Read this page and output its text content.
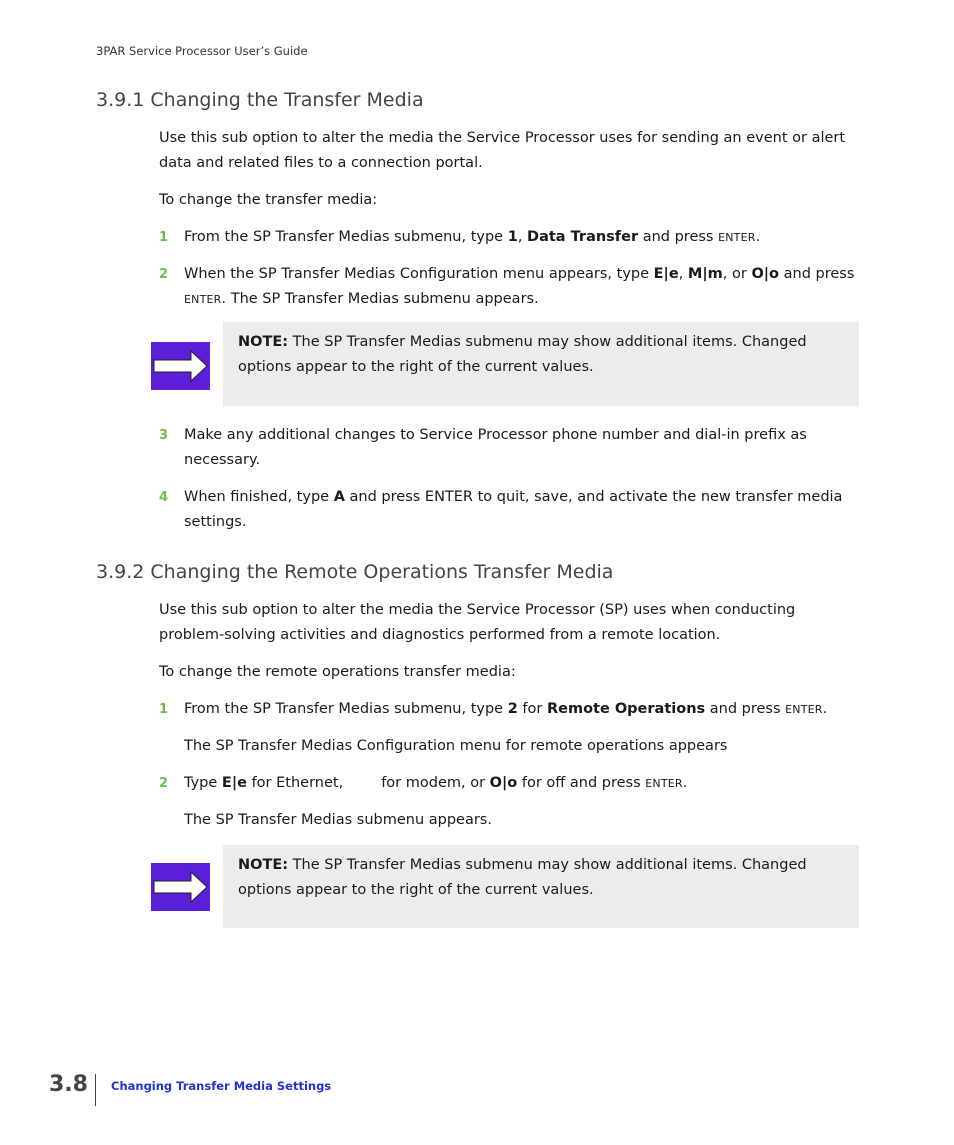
3PAR Service Processor User’s Guide
3.9.1 Changing the Transfer Media

Use this sub option to alter the media the Service Processor uses for sending an event or alert data and related files to a connection portal.

To change the transfer media:

1 From the SP Transfer Medias submenu, type 1, Data Transfer and press ENTER.
2 When the SP Transfer Medias Configuration menu appears, type E|e, M|m, or O|o and press
ENTER. The SP Transfer Medias submenu appears.
NOTE: The SP Transfer Medias submenu may show additional items. Changed options appear to the right of the current values.
3 Make any additional changes to Service Processor phone number and dial-in prefix as necessary.
4 When finished, type A and press ENTER to quit, save, and activate the new transfer media settings.
3.9.2 Changing the Remote Operations Transfer Media

Use this sub option to alter the media the Service Processor (SP) uses when conducting problem-solving activities and diagnostics performed from a remote location.

To change the remote operations transfer media:

1 From the SP Transfer Medias submenu, type 2 for Remote Operations and press ENTER.

The SP Transfer Medias Configuration menu for remote operations appears

2 Type E|e for Ethernet,	for modem, or O|o for off and press ENTER.

The SP Transfer Medias submenu appears.

NOTE: The SP Transfer Medias submenu may show additional items. Changed options appear to the right of the current values.
3.8 Changing Transfer Media Settings
